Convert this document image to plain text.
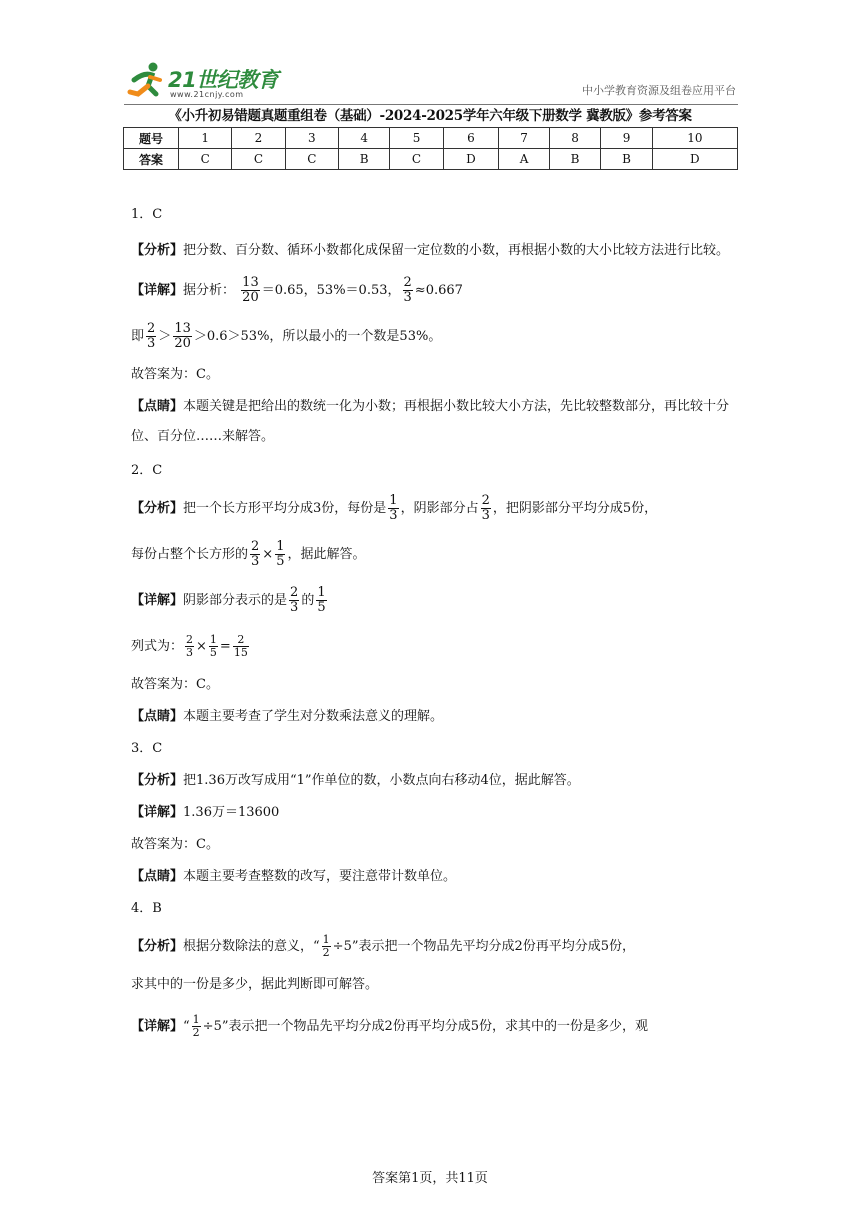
21世纪教育
www.21cnjy.com	中小学教育资源及组卷应用平台
《小升初易错题真题重组卷（基础）-2024-2025学年六年级下册数学 冀教版》参考答案
题号	1	2	3	4	5	6	7	8	9	10
答案	C	C	C	B	C	D	A	B	B	D

1．C

【分析】把分数、百分数、循环小数都化成保留一定位数的小数，再根据小数的大小比较方法进行比较。

【详解】据分析： $\frac{13}{20} =0.65$，53%＝0.53， $\frac{2}{3} \approx 0.667$

即 $\frac{2}{3} > \frac{13}{20} >0.6>53\%$，所以最小的一个数是53%。

故答案为：C。

【点睛】本题关键是把给出的数统一化为小数；再根据小数比较大小方法，先比较整数部分，再比较十分位、百分位……来解答。

2．C

【分析】把一个长方形平均分成3份，每份是 $\frac{1}{3}$ ，阴影部分占 $\frac{2}{3}$ ，把阴影部分平均分成5份，

每份占整个长方形的 $\frac{2}{3} \times \frac{1}{5}$ ，据此解答。

【详解】阴影部分表示的是 $\frac{2}{3}$ 的 $\frac{1}{5}$

列式为： $\frac{2}{3} \times \frac{1}{5} = \frac{2}{15}$

故答案为：C。

【点睛】本题主要考查了学生对分数乘法意义的理解。

3．C

【分析】把1.36万改写成用“1”作单位的数，小数点向右移动4位，据此解答。

【详解】1.36万＝13600

故答案为：C。

【点睛】本题主要考查整数的改写，要注意带计数单位。

4．B

【分析】根据分数除法的意义，“ $\frac{1}{2} \div 5$”表示把一个物品先平均分成2份再平均分成5份，

求其中的一份是多少，据此判断即可解答。

【详解】“ $\frac{1}{2} \div 5$”表示把一个物品先平均分成2份再平均分成5份，求其中的一份是多少，观

答案第1页，共11页
